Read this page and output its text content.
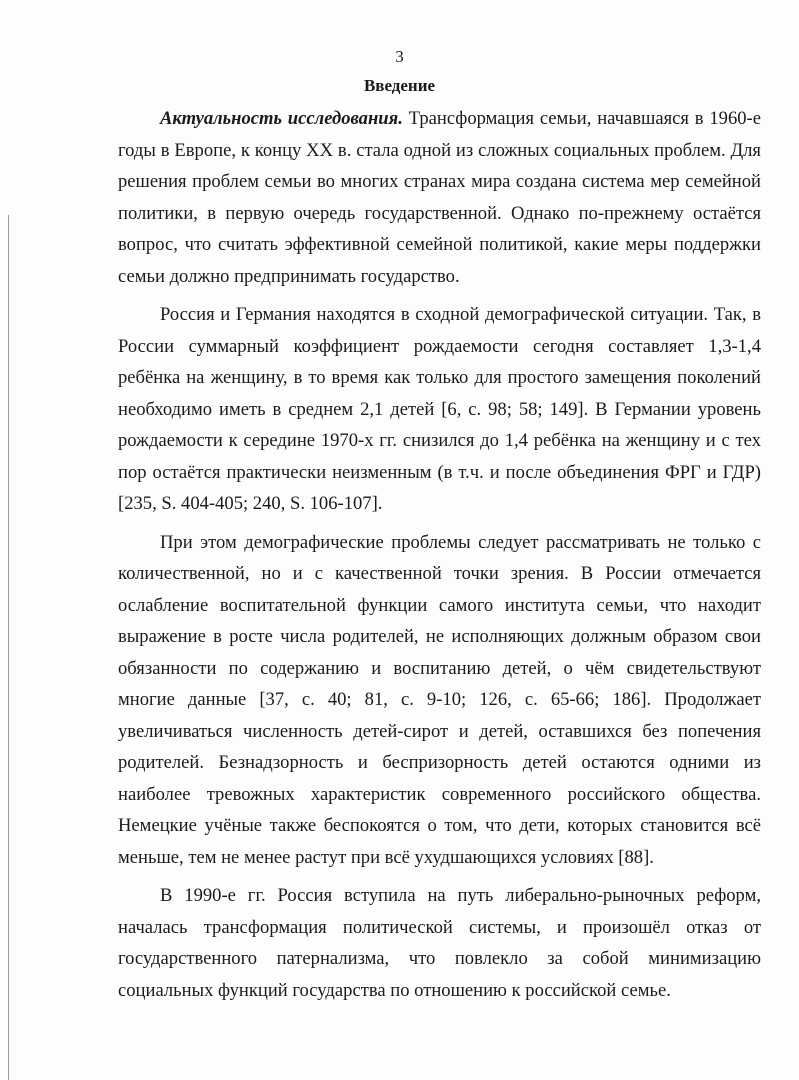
3
Введение

Актуальность исследования. Трансформация семьи, начавшаяся в 1960-е годы в Европе, к концу XX в. стала одной из сложных социальных проблем. Для решения проблем семьи во многих странах мира создана система мер семейной политики, в первую очередь государственной. Однако по-прежнему остаётся вопрос, что считать эффективной семейной политикой, какие меры поддержки семьи должно предпринимать государство.

Россия и Германия находятся в сходной демографической ситуации. Так, в России суммарный коэффициент рождаемости сегодня составляет 1,3-1,4 ребёнка на женщину, в то время как только для простого замещения поколений необходимо иметь в среднем 2,1 детей [6, с. 98; 58; 149]. В Германии уровень рождаемости к середине 1970-х гг. снизился до 1,4 ребёнка на женщину и с тех пор остаётся практически неизменным (в т.ч. и после объединения ФРГ и ГДР) [235, S. 404-405; 240, S. 106-107].

При этом демографические проблемы следует рассматривать не только с количественной, но и с качественной точки зрения. В России отмечается ослабление воспитательной функции самого института семьи, что находит выражение в росте числа родителей, не исполняющих должным образом свои обязанности по содержанию и воспитанию детей, о чём свидетельствуют многие данные [37, с. 40; 81, с. 9-10; 126, с. 65-66; 186]. Продолжает увеличиваться численность детей-сирот и детей, оставшихся без попечения родителей. Безнадзорность и беспризорность детей остаются одними из наиболее тревожных характеристик современного российского общества. Немецкие учёные также беспокоятся о том, что дети, которых становится всё меньше, тем не менее растут при всё ухудшающихся условиях [88].

В 1990-е гг. Россия вступила на путь либерально-рыночных реформ, началась трансформация политической системы, и произошёл отказ от государственного патернализма, что повлекло за собой минимизацию социальных функций государства по отношению к российской семье.
